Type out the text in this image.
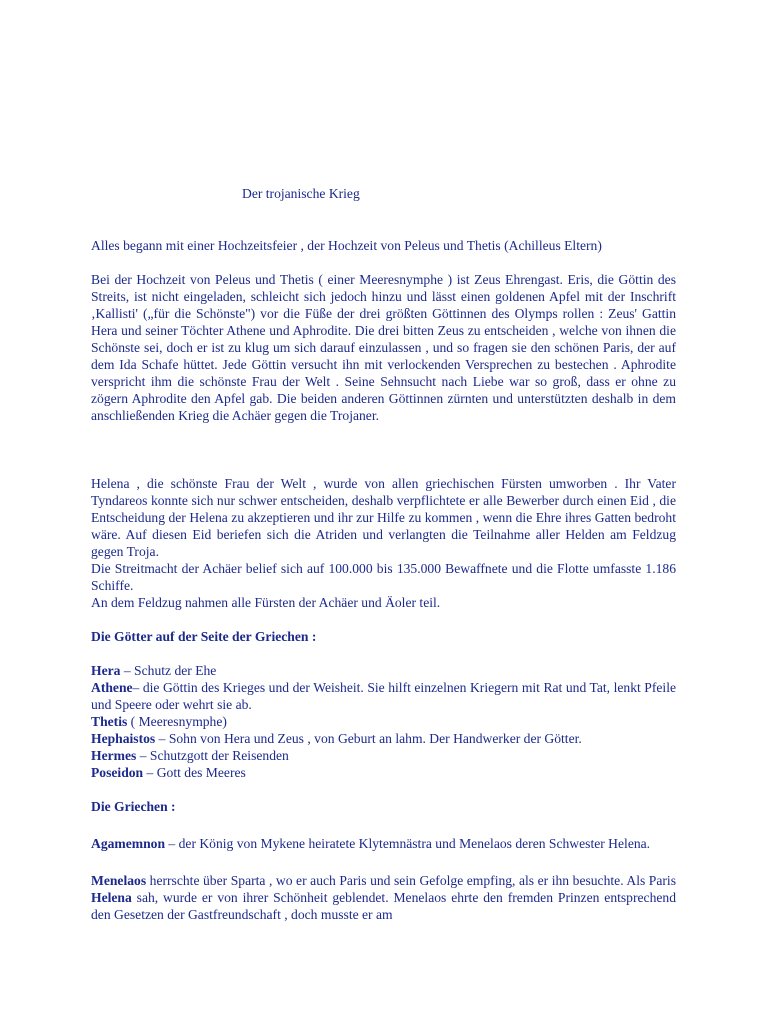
Der trojanische Krieg

Alles begann mit einer Hochzeitsfeier , der Hochzeit von Peleus und Thetis (Achilleus Eltern)

Bei der Hochzeit von Peleus und Thetis ( einer Meeresnymphe ) ist Zeus Ehrengast. Eris, die Göttin des Streits, ist nicht eingeladen, schleicht sich jedoch hinzu und lässt einen goldenen Apfel mit der Inschrift ‚Kallisti' („für die Schönste") vor die Füße der drei größten Göttinnen des Olymps rollen : Zeus' Gattin Hera und seiner Töchter Athene und Aphrodite. Die drei bitten Zeus zu entscheiden , welche von ihnen die Schönste sei, doch er ist zu klug um sich darauf einzulassen , und so fragen sie den schönen Paris, der auf dem Ida Schafe hüttet. Jede Göttin versucht ihn mit verlockenden Versprechen zu bestechen . Aphrodite verspricht ihm die schönste Frau der Welt . Seine Sehnsucht nach Liebe war so groß, dass er ohne zu zögern Aphrodite den Apfel gab. Die beiden anderen Göttinnen zürnten und unterstützten deshalb in dem anschließenden Krieg die Achäer gegen die Trojaner.

Helena , die schönste Frau der Welt , wurde von allen griechischen Fürsten umworben . Ihr Vater Tyndareos konnte sich nur schwer entscheiden, deshalb verpflichtete er alle Bewerber durch einen Eid , die Entscheidung der Helena zu akzeptieren und ihr zur Hilfe zu kommen , wenn die Ehre ihres Gatten bedroht wäre. Auf diesen Eid beriefen sich die Atriden und verlangten die Teilnahme aller Helden am Feldzug gegen Troja.

Die Streitmacht der Achäer belief sich auf 100.000 bis 135.000 Bewaffnete und die Flotte umfasste 1.186 Schiffe.

An dem Feldzug nahmen alle Fürsten der Achäer und Äoler teil.

Die Götter auf der Seite der Griechen :

Hera – Schutz der Ehe

Athene– die Göttin des Krieges und der Weisheit. Sie hilft einzelnen Kriegern mit Rat und Tat, lenkt Pfeile und Speere oder wehrt sie ab.

Thetis ( Meeresnymphe)

Hephaistos – Sohn von Hera und Zeus , von Geburt an lahm. Der Handwerker der Götter.

Hermes – Schutzgott der Reisenden

Poseidon – Gott des Meeres

Die Griechen :

Agamemnon – der König von Mykene heiratete Klytemnästra und Menelaos deren Schwester Helena.

Menelaos herrschte über Sparta , wo er auch Paris und sein Gefolge empfing, als er ihn besuchte. Als Paris Helena sah, wurde er von ihrer Schönheit geblendet. Menelaos ehrte den fremden Prinzen entsprechend den Gesetzen der Gastfreundschaft , doch musste er am
